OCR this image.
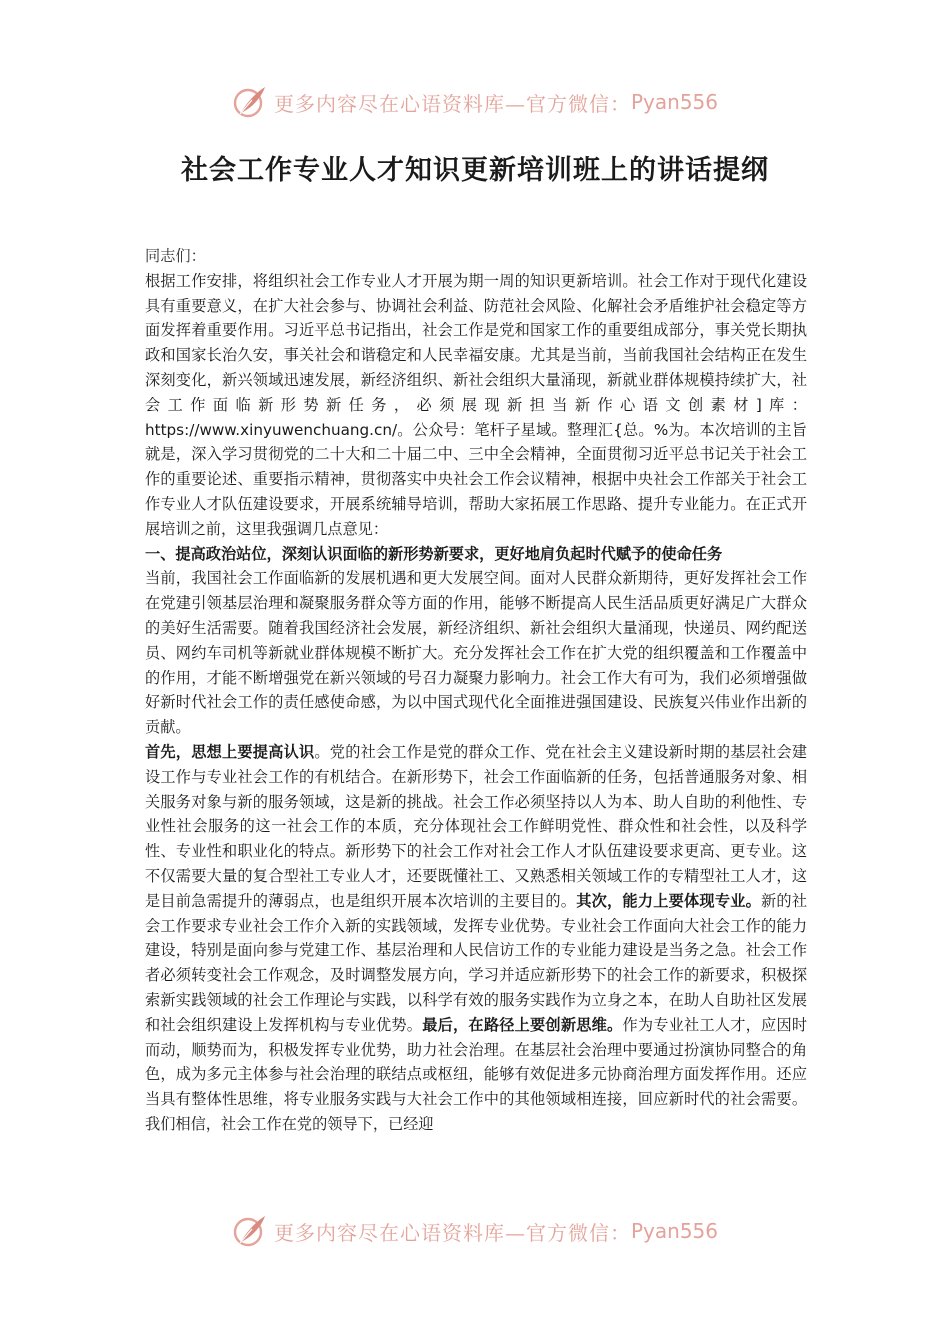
更多内容尽在心语资料库—官方微信： Pyan556
社会工作专业人才知识更新培训班上的讲话提纲

同志们：

根据工作安排，将组织社会工作专业人才开展为期一周的知识更新培训。社会工作对于现代化建设具有重要意义，在扩大社会参与、协调社会利益、防范社会风险、化解社会矛盾维护社会稳定等方面发挥着重要作用。习近平总书记指出，社会工作是党和国家工作的重要组成部分，事关党长期执政和国家长治久安，事关社会和谐稳定和人民幸福安康。尤其是当前，当前我国社会结构正在发生深刻变化，新兴领域迅速发展，新经济组织、新社会组织大量涌现，新就业群体规模持续扩大，社会工作面临新形势新任务，必须展现新担当新作心语文创素材]库：https://www.xinyuwenchuang.cn/。公众号：笔杆子星域。整理汇{总。%为。本次培训的主旨就是，深入学习贯彻党的二十大和二十届二中、三中全会精神，全面贯彻习近平总书记关于社会工作的重要论述、重要指示精神，贯彻落实中央社会工作会议精神，根据中央社会工作部关于社会工作专业人才队伍建设要求，开展系统辅导培训，帮助大家拓展工作思路、提升专业能力。在正式开展培训之前，这里我强调几点意见：

一、提高政治站位，深刻认识面临的新形势新要求，更好地肩负起时代赋予的使命任务

当前，我国社会工作面临新的发展机遇和更大发展空间。面对人民群众新期待，更好发挥社会工作在党建引领基层治理和凝聚服务群众等方面的作用，能够不断提高人民生活品质更好满足广大群众的美好生活需要。随着我国经济社会发展，新经济组织、新社会组织大量涌现，快递员、网约配送员、网约车司机等新就业群体规模不断扩大。充分发挥社会工作在扩大党的组织覆盖和工作覆盖中的作用，才能不断增强党在新兴领域的号召力凝聚力影响力。社会工作大有可为，我们必须增强做好新时代社会工作的责任感使命感，为以中国式现代化全面推进强国建设、民族复兴伟业作出新的贡献。

首先，思想上要提高认识。党的社会工作是党的群众工作、党在社会主义建设新时期的基层社会建设工作与专业社会工作的有机结合。在新形势下，社会工作面临新的任务，包括普通服务对象、相关服务对象与新的服务领域，这是新的挑战。社会工作必须坚持以人为本、助人自助的利他性、专业性社会服务的这一社会工作的本质，充分体现社会工作鲜明党性、群众性和社会性，以及科学性、专业性和职业化的特点。新形势下的社会工作对社会工作人才队伍建设要求更高、更专业。这不仅需要大量的复合型社工专业人才，还要既懂社工、又熟悉相关领域工作的专精型社工人才，这是目前急需提升的薄弱点，也是组织开展本次培训的主要目的。其次，能力上要体现专业。新的社会工作要求专业社会工作介入新的实践领域，发挥专业优势。专业社会工作面向大社会工作的能力建设，特别是面向参与党建工作、基层治理和人民信访工作的专业能力建设是当务之急。社会工作者必须转变社会工作观念，及时调整发展方向，学习并适应新形势下的社会工作的新要求，积极探索新实践领域的社会工作理论与实践，以科学有效的服务实践作为立身之本，在助人自助社区发展和社会组织建设上发挥机构与专业优势。最后，在路径上要创新思维。作为专业社工人才，应因时而动，顺势而为，积极发挥专业优势，助力社会治理。在基层社会治理中要通过扮演协同整合的角色，成为多元主体参与社会治理的联结点或枢纽，能够有效促进多元协商治理方面发挥作用。还应当具有整体性思维，将专业服务实践与大社会工作中的其他领域相连接，回应新时代的社会需要。我们相信，社会工作在党的领导下，已经迎

更多内容尽在心语资料库—官方微信： Pyan556
